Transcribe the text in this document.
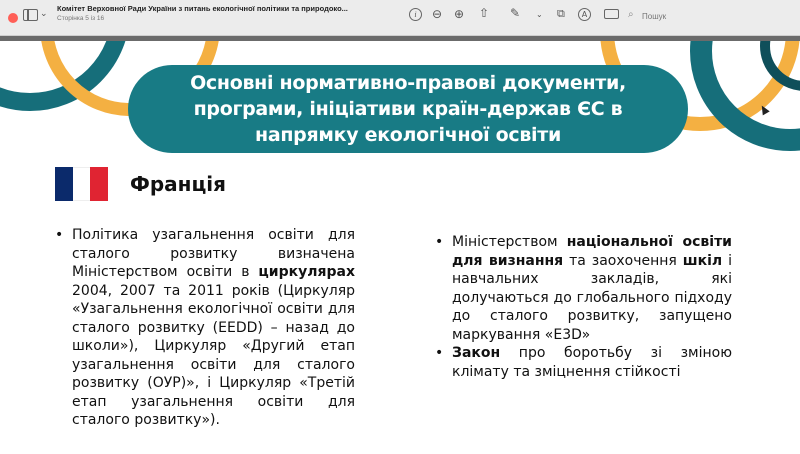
⌄
Комітет Верховної Ради України з питань екологічної політики та природоко...
Сторінка 5 із 16	i	⊖ ⊕ ⇧ ✎ ⌄ ⧉	A	⌕
Пошук
Основні нормативно-правові документи, програми, ініціативи країн-держав ЄС в напрямку екологічної освіти
Франція

• Політика узагальнення освіти для сталого розвитку визначена Міністерством освіти в циркулярах 2004, 2007 та 2011 років (Циркуляр «Узагальнення екологічної освіти для сталого розвитку (EEDD) – назад до школи»), Циркуляр «Другий етап узагальнення освіти для сталого розвитку (ОУР)», і Циркуляр «Третій етап узагальнення освіти для сталого розвитку»).

• Міністерством національної освіти для визнання та заохочення шкіл і навчальних закладів, які долучаються до глобального підходу до сталого розвитку, запущено маркування «E3D»

• Закон про боротьбу зі зміною клімату та зміцнення стійкості
